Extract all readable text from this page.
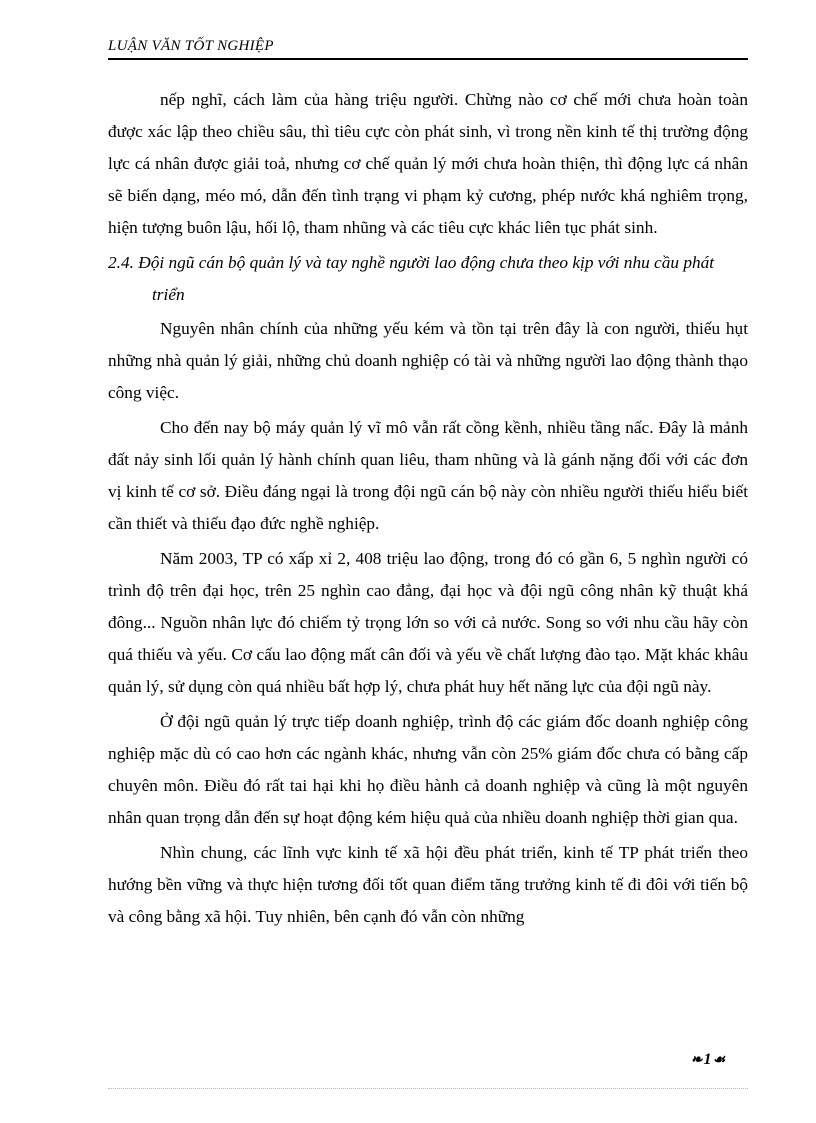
LUẬN VĂN TỐT NGHIỆP

nếp nghĩ, cách làm của hàng triệu người. Chừng nào cơ chế mới chưa hoàn toàn được xác lập theo chiều sâu, thì tiêu cực còn phát sinh, vì trong nền kinh tế thị trường động lực cá nhân được giải toả, nhưng cơ chế quản lý mới chưa hoàn thiện, thì động lực cá nhân sẽ biến dạng, méo mó, dẫn đến tình trạng vi phạm kỷ cương, phép nước khá nghiêm trọng, hiện tượng buôn lậu, hối lộ, tham nhũng và các tiêu cực khác liên tục phát sinh.

2.4. Đội ngũ cán bộ quản lý và tay nghề người lao động chưa theo kịp với nhu cầu phát triển

Nguyên nhân chính của những yếu kém và tồn tại trên đây là con người, thiếu hụt những nhà quản lý giải, những chủ doanh nghiệp có tài và những người lao động thành thạo công việc.

Cho đến nay bộ máy quản lý vĩ mô vẫn rất cồng kềnh, nhiều tầng nấc. Đây là mảnh đất nảy sinh lối quản lý hành chính quan liêu, tham nhũng và là gánh nặng đối với các đơn vị kinh tế cơ sở. Điều đáng ngại là trong đội ngũ cán bộ này còn nhiều người thiếu hiểu biết cần thiết và thiếu đạo đức nghề nghiệp.

Năm 2003, TP có xấp xỉ 2, 408 triệu lao động, trong đó có gần 6, 5 nghìn người có trình độ trên đại học, trên 25 nghìn cao đẳng, đại học và đội ngũ công nhân kỹ thuật khá đông... Nguồn nhân lực đó chiếm tỷ trọng lớn so với cả nước. Song so với nhu cầu hãy còn quá thiếu và yếu. Cơ cấu lao động mất cân đối và yếu về chất lượng đào tạo. Mặt khác khâu quản lý, sử dụng còn quá nhiều bất hợp lý, chưa phát huy hết năng lực của đội ngũ này.

Ở đội ngũ quản lý trực tiếp doanh nghiệp, trình độ các giám đốc doanh nghiệp công nghiệp mặc dù có cao hơn các ngành khác, nhưng vẫn còn 25% giám đốc chưa có bằng cấp chuyên môn. Điều đó rất tai hại khi họ điều hành cả doanh nghiệp và cũng là một nguyên nhân quan trọng dẫn đến sự hoạt động kém hiệu quả của nhiều doanh nghiệp thời gian qua.

Nhìn chung, các lĩnh vực kinh tế xã hội đều phát triển, kinh tế TP phát triển theo hướng bền vững và thực hiện tương đối tốt quan điểm tăng trưởng kinh tế đi đôi với tiến bộ và công bằng xã hội. Tuy nhiên, bên cạnh đó vẫn còn những

❧1☙
